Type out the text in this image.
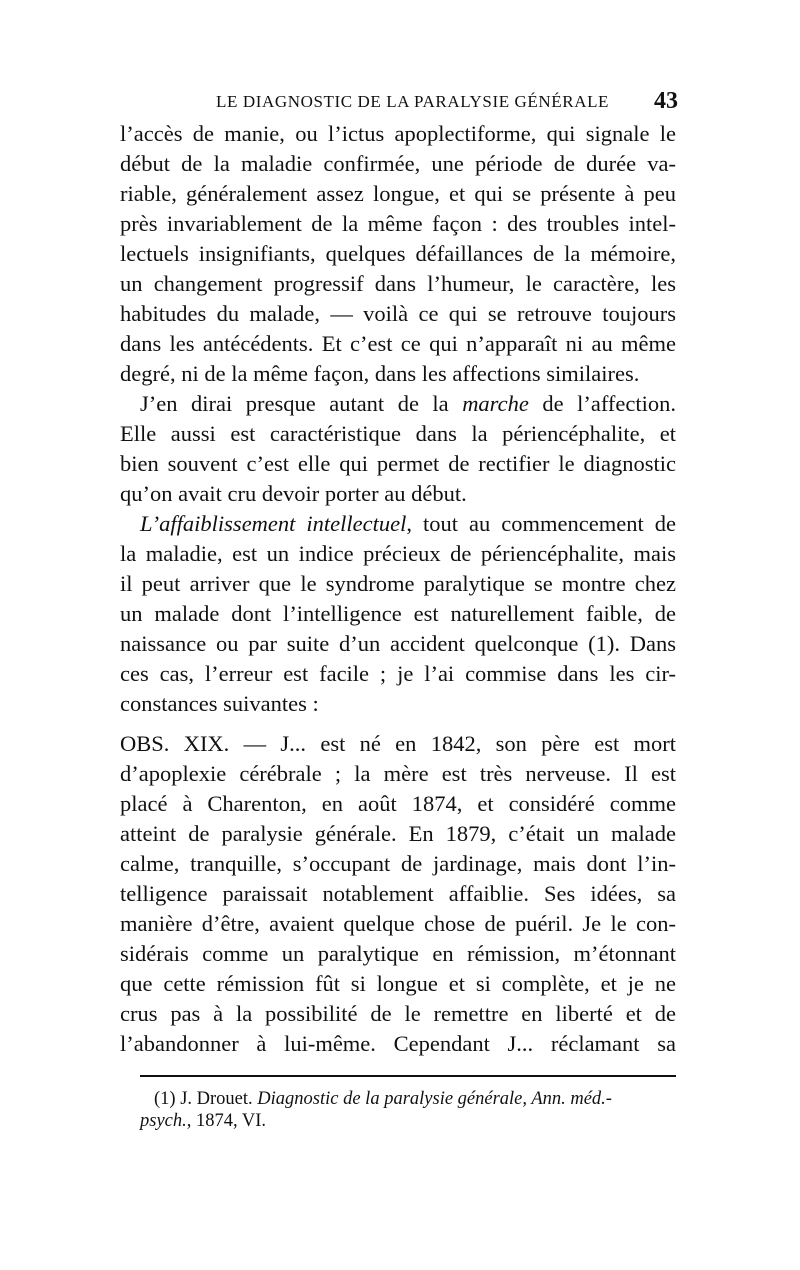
LE DIAGNOSTIC DE LA PARALYSIE GÉNÉRALE 43
l’accès de manie, ou l’ictus apoplectiforme, qui signale le
début de la maladie confirmée, une période de durée va-
riable, généralement assez longue, et qui se présente à peu
près invariablement de la même façon : des troubles intel-
lectuels insignifiants, quelques défaillances de la mémoire,
un changement progressif dans l’humeur, le caractère, les
habitudes du malade, — voilà ce qui se retrouve toujours
dans les antécédents. Et c’est ce qui n’apparaît ni au même
degré, ni de la même façon, dans les affections similaires.
J’en dirai presque autant de la marche de l’affection.
Elle aussi est caractéristique dans la périencéphalite, et
bien souvent c’est elle qui permet de rectifier le diagnostic
qu’on avait cru devoir porter au début.
L’affaiblissement intellectuel, tout au commencement de
la maladie, est un indice précieux de périencéphalite, mais
il peut arriver que le syndrome paralytique se montre chez
un malade dont l’intelligence est naturellement faible, de
naissance ou par suite d’un accident quelconque (1). Dans
ces cas, l’erreur est facile ; je l’ai commise dans les cir-
constances suivantes :
OBS. XIX. — J... est né en 1842, son père est mort
d’apoplexie cérébrale ; la mère est très nerveuse. Il est
placé à Charenton, en août 1874, et considéré comme
atteint de paralysie générale. En 1879, c’était un malade
calme, tranquille, s’occupant de jardinage, mais dont l’in-
telligence paraissait notablement affaiblie. Ses idées, sa
manière d’être, avaient quelque chose de puéril. Je le con-
sidérais comme un paralytique en rémission, m’étonnant
que cette rémission fût si longue et si complète, et je ne
crus pas à la possibilité de le remettre en liberté et de
l’abandonner à lui-même. Cependant J... réclamant sa
(1) J. Drouet. Diagnostic de la paralysie générale, Ann. méd.-
psych., 1874, VI.
